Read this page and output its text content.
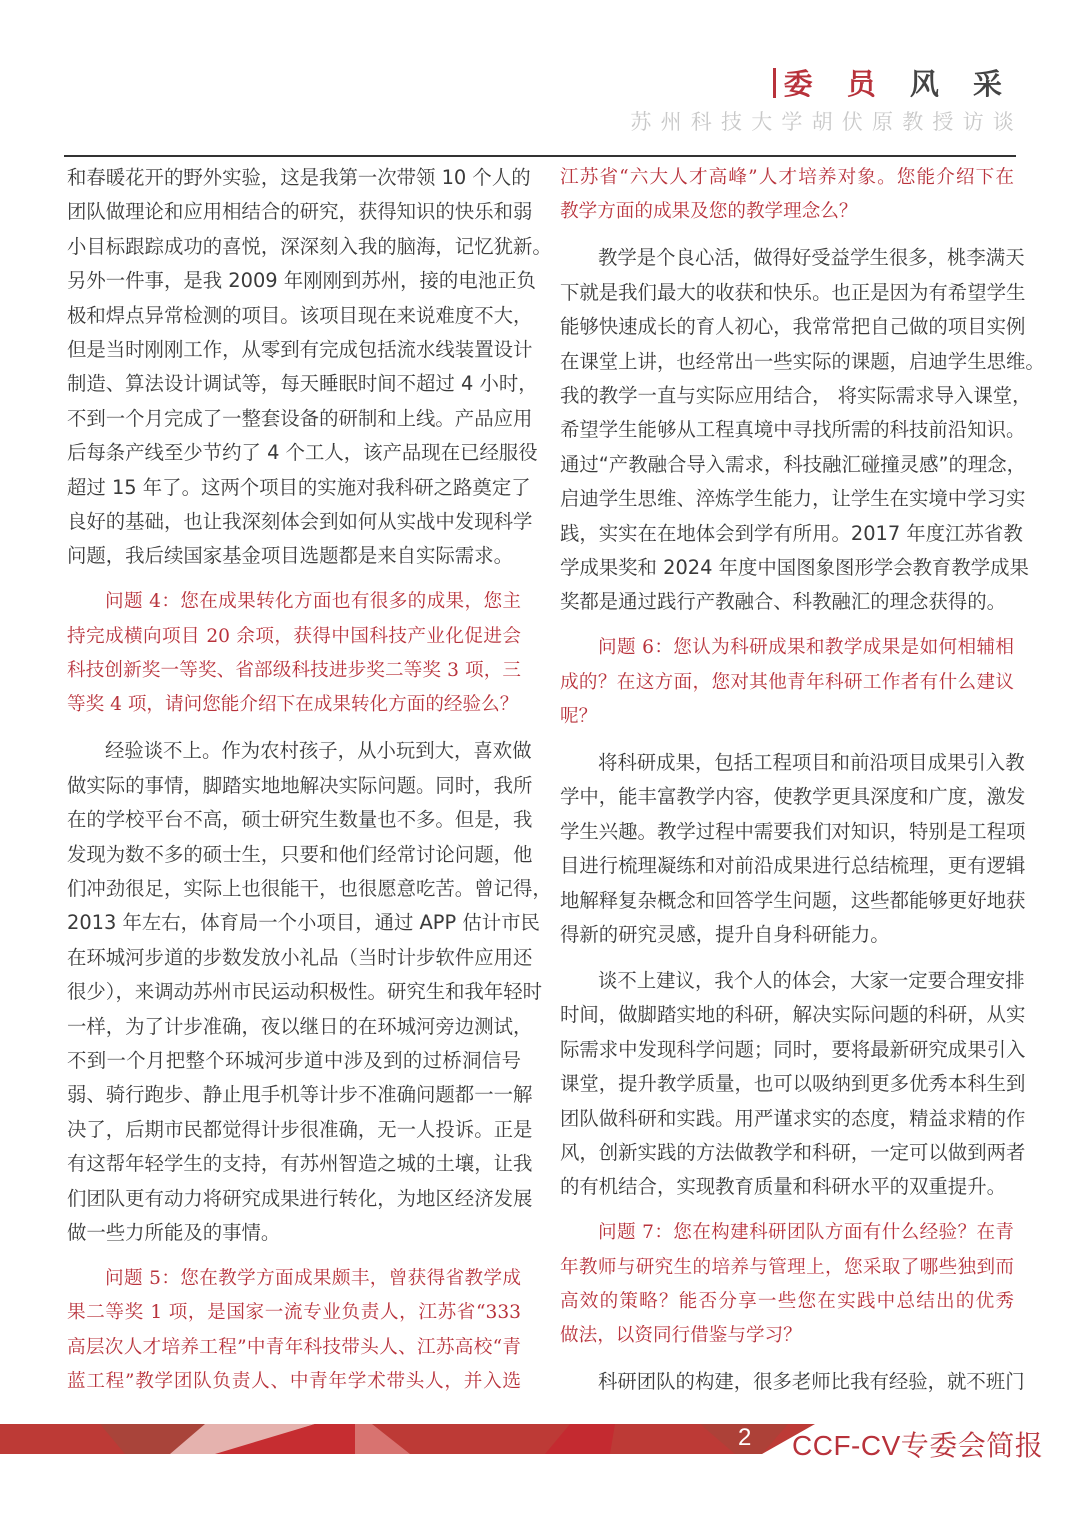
委 员 风 采
苏州科技大学胡伏原教授访谈
和春暖花开的野外实验，这是我第一次带领 10 个人的
团队做理论和应用相结合的研究，获得知识的快乐和弱
小目标跟踪成功的喜悦，深深刻入我的脑海，记忆犹新。
另外一件事，是我 2009 年刚刚到苏州，接的电池正负
极和焊点异常检测的项目。该项目现在来说难度不大，
但是当时刚刚工作，从零到有完成包括流水线装置设计
制造、算法设计调试等，每天睡眠时间不超过 4 小时，
不到一个月完成了一整套设备的研制和上线。产品应用
后每条产线至少节约了 4 个工人，该产品现在已经服役
超过 15 年了。这两个项目的实施对我科研之路奠定了
良好的基础，也让我深刻体会到如何从实战中发现科学
问题，我后续国家基金项目选题都是来自实际需求。
问题 4：您在成果转化方面也有很多的成果，您主
持完成横向项目 20 余项，获得中国科技产业化促进会
科技创新奖一等奖、省部级科技进步奖二等奖 3 项，三
等奖 4 项，请问您能介绍下在成果转化方面的经验么？
经验谈不上。作为农村孩子，从小玩到大，喜欢做
做实际的事情，脚踏实地地解决实际问题。同时，我所
在的学校平台不高，硕士研究生数量也不多。但是，我
发现为数不多的硕士生，只要和他们经常讨论问题，他
们冲劲很足，实际上也很能干，也很愿意吃苦。曾记得，
2013 年左右，体育局一个小项目，通过 APP 估计市民
在环城河步道的步数发放小礼品（当时计步软件应用还
很少），来调动苏州市民运动积极性。研究生和我年轻时
一样，为了计步准确，夜以继日的在环城河旁边测试，
不到一个月把整个环城河步道中涉及到的过桥洞信号
弱、骑行跑步、静止甩手机等计步不准确问题都一一解
决了，后期市民都觉得计步很准确，无一人投诉。正是
有这帮年轻学生的支持，有苏州智造之城的土壤，让我
们团队更有动力将研究成果进行转化，为地区经济发展
做一些力所能及的事情。
问题 5：您在教学方面成果颇丰，曾获得省教学成
果二等奖 1 项，是国家一流专业负责人，江苏省“333
高层次人才培养工程”中青年科技带头人、江苏高校“青
蓝工程”教学团队负责人、中青年学术带头人，并入选
江苏省“六大人才高峰”人才培养对象。您能介绍下在
教学方面的成果及您的教学理念么？
教学是个良心活，做得好受益学生很多，桃李满天
下就是我们最大的收获和快乐。也正是因为有希望学生
能够快速成长的育人初心，我常常把自己做的项目实例
在课堂上讲，也经常出一些实际的课题，启迪学生思维。
我的教学一直与实际应用结合， 将实际需求导入课堂，
希望学生能够从工程真境中寻找所需的科技前沿知识。
通过“产教融合导入需求，科技融汇碰撞灵感”的理念，
启迪学生思维、淬炼学生能力，让学生在实境中学习实
践，实实在在地体会到学有所用。2017 年度江苏省教
学成果奖和 2024 年度中国图象图形学会教育教学成果
奖都是通过践行产教融合、科教融汇的理念获得的。
问题 6：您认为科研成果和教学成果是如何相辅相
成的？在这方面，您对其他青年科研工作者有什么建议
呢？
将科研成果，包括工程项目和前沿项目成果引入教
学中，能丰富教学内容，使教学更具深度和广度，激发
学生兴趣。教学过程中需要我们对知识，特别是工程项
目进行梳理凝练和对前沿成果进行总结梳理，更有逻辑
地解释复杂概念和回答学生问题，这些都能够更好地获
得新的研究灵感，提升自身科研能力。
谈不上建议，我个人的体会，大家一定要合理安排
时间，做脚踏实地的科研，解决实际问题的科研，从实
际需求中发现科学问题；同时，要将最新研究成果引入
课堂，提升教学质量，也可以吸纳到更多优秀本科生到
团队做科研和实践。用严谨求实的态度，精益求精的作
风，创新实践的方法做教学和科研，一定可以做到两者
的有机结合，实现教育质量和科研水平的双重提升。
问题 7：您在构建科研团队方面有什么经验？在青
年教师与研究生的培养与管理上，您采取了哪些独到而
高效的策略？能否分享一些您在实践中总结出的优秀
做法，以资同行借鉴与学习？
科研团队的构建，很多老师比我有经验，就不班门
2 CCF-CV专委会简报
